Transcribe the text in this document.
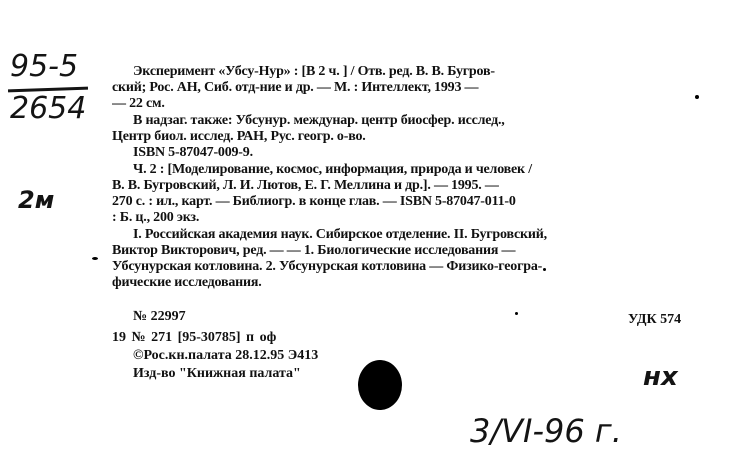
95-5
2654
2м
Эксперимент «Убсу-Нур» : [В 2 ч. ] / Отв. ред. В. В. Бугров-
ский; Рос. АН, Сиб. отд-ние и др. — М. : Интеллект, 1993 —
— 22 см.
В надзаг. также: Убсунур. междунар. центр биосфер. исслед.,
Центр биол. исслед. РАН, Рус. геогр. о-во.
ISBN 5-87047-009-9.
Ч. 2 : [Моделирование, космос, информация, природа и человек /
В. В. Бугровский, Л. И. Лютов, Е. Г. Меллина и др.]. — 1995. —
270 с. : ил., карт. — Библиогр. в конце глав. — ISBN 5-87047-011-0
: Б. ц., 200 экз.
I. Российская академия наук. Сибирское отделение. II. Бугровский,
Виктор Викторович, ред. — — 1. Биологические исследования —
Убсунурская котловина. 2. Убсунурская котловина — Физико-геогра-
фические исследования.
№ 22997	УДК 574
19 № 271 [95-30785] п оф
©Рос.кн.палата 28.12.95 Э413
Изд-во "Книжная палата"	нх
3/VI-96 г.
